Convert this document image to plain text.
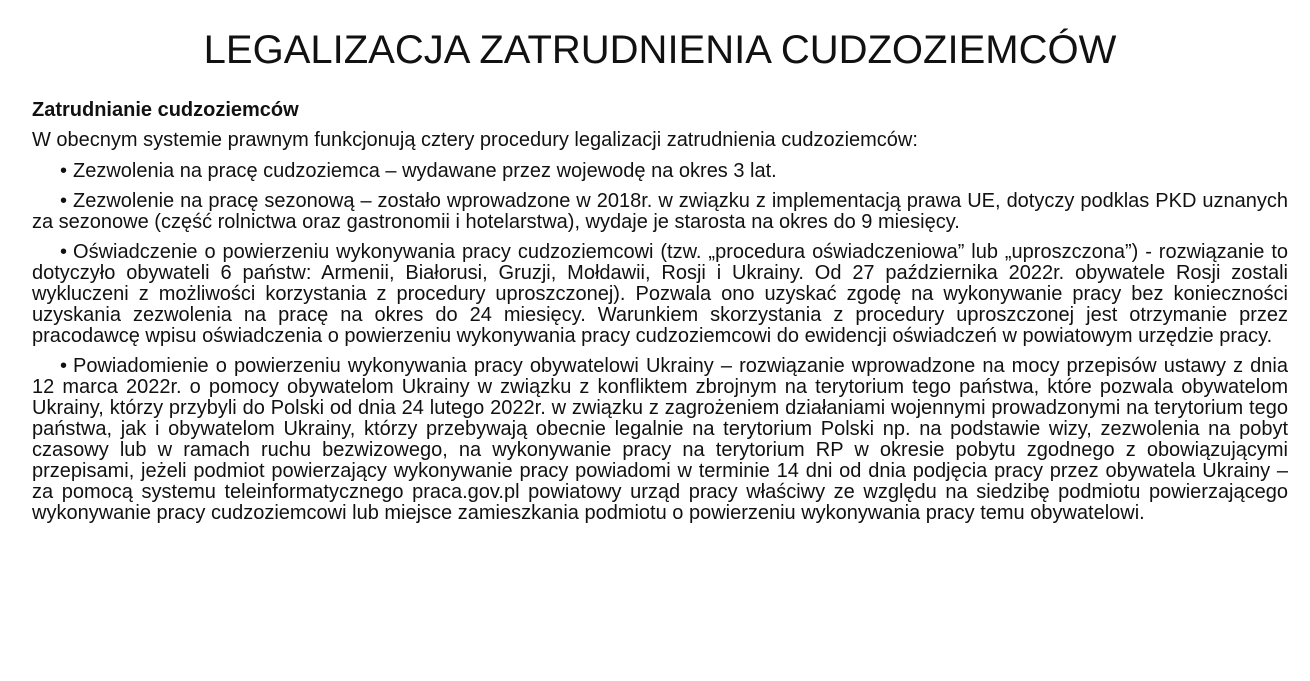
LEGALIZACJA ZATRUDNIENIA CUDZOZIEMCÓW
Zatrudnianie cudzoziemców

W obecnym systemie prawnym funkcjonują cztery procedury legalizacji zatrudnienia cudzoziemców:

• Zezwolenia na pracę cudzoziemca – wydawane przez wojewodę na okres 3 lat.
• Zezwolenie na pracę sezonową – zostało wprowadzone w 2018r. w związku z implementacją prawa UE, dotyczy podklas PKD uznanych za sezonowe (część rolnictwa oraz gastronomii i hotelarstwa), wydaje je starosta na okres do 9 miesięcy.
• Oświadczenie o powierzeniu wykonywania pracy cudzoziemcowi (tzw. „procedura oświadczeniowa” lub „uproszczona”) - rozwiązanie to dotyczyło obywateli 6 państw: Armenii, Białorusi, Gruzji, Mołdawii, Rosji i Ukrainy. Od 27 października 2022r. obywatele Rosji zostali wykluczeni z możliwości korzystania z procedury uproszczonej). Pozwala ono uzyskać zgodę na wykonywanie pracy bez konieczności uzyskania zezwolenia na pracę na okres do 24 miesięcy. Warunkiem skorzystania z procedury uproszczonej jest otrzymanie przez pracodawcę wpisu oświadczenia o powierzeniu wykonywania pracy cudzoziemcowi do ewidencji oświadczeń w powiatowym urzędzie pracy.
• Powiadomienie o powierzeniu wykonywania pracy obywatelowi Ukrainy – rozwiązanie wprowadzone na mocy przepisów ustawy z dnia 12 marca 2022r. o pomocy obywatelom Ukrainy w związku z konfliktem zbrojnym na terytorium tego państwa, które pozwala obywatelom Ukrainy, którzy przybyli do Polski od dnia 24 lutego 2022r. w związku z zagrożeniem działaniami wojennymi prowadzonymi na terytorium tego państwa, jak i obywatelom Ukrainy, którzy przebywają obecnie legalnie na terytorium Polski np. na podstawie wizy, zezwolenia na pobyt czasowy lub w ramach ruchu bezwizowego, na wykonywanie pracy na terytorium RP w okresie pobytu zgodnego z obowiązującymi przepisami, jeżeli podmiot powierzający wykonywanie pracy powiadomi w terminie 14 dni od dnia podjęcia pracy przez obywatela Ukrainy – za pomocą systemu teleinformatycznego praca.gov.pl powiatowy urząd pracy właściwy ze względu na siedzibę podmiotu powierzającego wykonywanie pracy cudzoziemcowi lub miejsce zamieszkania podmiotu o powierzeniu wykonywania pracy temu obywatelowi.
